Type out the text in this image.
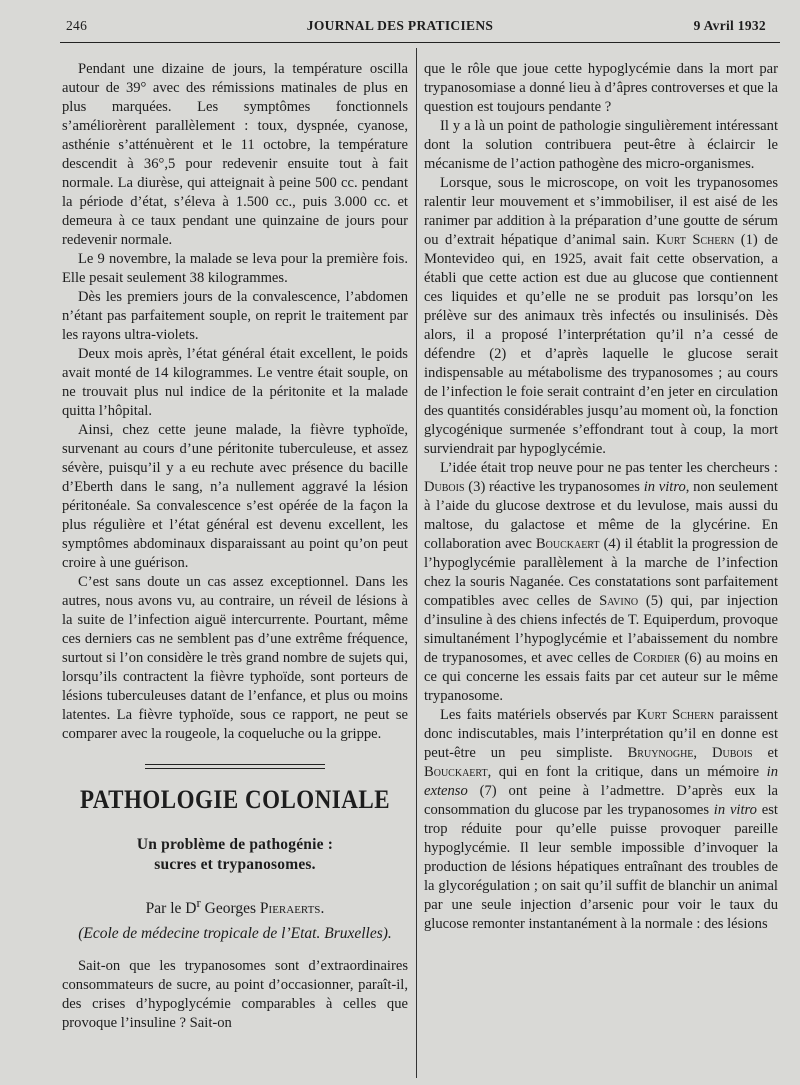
246	JOURNAL DES PRATICIENS	9 Avril 1932

Pendant une dizaine de jours, la température oscilla autour de 39° avec des rémissions matinales de plus en plus marquées. Les symptômes fonctionnels s’améliorèrent parallèlement : toux, dyspnée, cyanose, asthénie s’atténuèrent et le 11 octobre, la température descendit à 36°,5 pour redevenir ensuite tout à fait normale. La diurèse, qui atteignait à peine 500 cc. pendant la période d’état, s’éleva à 1.500 cc., puis 3.000 cc. et demeura à ce taux pendant une quinzaine de jours pour redevenir normale.

Le 9 novembre, la malade se leva pour la première fois. Elle pesait seulement 38 kilogrammes.

Dès les premiers jours de la convalescence, l’abdomen n’étant pas parfaitement souple, on reprit le traitement par les rayons ultra-violets.

Deux mois après, l’état général était excellent, le poids avait monté de 14 kilogrammes. Le ventre était souple, on ne trouvait plus nul indice de la péritonite et la malade quitta l’hôpital.

Ainsi, chez cette jeune malade, la fièvre typhoïde, survenant au cours d’une péritonite tuberculeuse, et assez sévère, puisqu’il y a eu rechute avec présence du bacille d’Eberth dans le sang, n’a nullement aggravé la lésion péritonéale. Sa convalescence s’est opérée de la façon la plus régulière et l’état général est devenu excellent, les symptômes abdominaux disparaissant au point qu’on peut croire à une guérison.

C’est sans doute un cas assez exceptionnel. Dans les autres, nous avons vu, au contraire, un réveil de lésions à la suite de l’infection aiguë intercurrente. Pourtant, même ces derniers cas ne semblent pas d’une extrême fréquence, surtout si l’on considère le très grand nombre de sujets qui, lorsqu’ils contractent la fièvre typhoïde, sont porteurs de lésions tuberculeuses datant de l’enfance, et plus ou moins latentes. La fièvre typhoïde, sous ce rapport, ne peut se comparer avec la rougeole, la coqueluche ou la grippe.

PATHOLOGIE COLONIALE
Un problème de pathogénie :
sucres et trypanosomes.
Par le $D^r$ Georges Pieraerts.
(Ecole de médecine tropicale de l’Etat. Bruxelles).

Sait-on que les trypanosomes sont d’extraordinaires consommateurs de sucre, au point d’occasionner, paraît-il, des crises d’hypoglycémie comparables à celles que provoque l’insuline ? Sait-on

que le rôle que joue cette hypoglycémie dans la mort par trypanosomiase a donné lieu à d’âpres controverses et que la question est toujours pendante ?

Il y a là un point de pathologie singulièrement intéressant dont la solution contribuera peut-être à éclaircir le mécanisme de l’action pathogène des micro-organismes.

Lorsque, sous le microscope, on voit les trypanosomes ralentir leur mouvement et s’immobiliser, il est aisé de les ranimer par addition à la préparation d’une goutte de sérum ou d’extrait hépatique d’animal sain. Kurt Schern (1) de Montevideo qui, en 1925, avait fait cette observation, a établi que cette action est due au glucose que contiennent ces liquides et qu’elle ne se produit pas lorsqu’on les prélève sur des animaux très infectés ou insulinisés. Dès alors, il a proposé l’interprétation qu’il n’a cessé de défendre (2) et d’après laquelle le glucose serait indispensable au métabolisme des trypanosomes ; au cours de l’infection le foie serait contraint d’en jeter en circulation des quantités considérables jusqu’au moment où, la fonction glycogénique surmenée s’effondrant tout à coup, la mort surviendrait par hypoglycémie.

L’idée était trop neuve pour ne pas tenter les chercheurs : Dubois (3) réactive les trypanosomes in vitro, non seulement à l’aide du glucose dextrose et du levulose, mais aussi du maltose, du galactose et même de la glycérine. En collaboration avec Bouckaert (4) il établit la progression de l’hypoglycémie parallèlement à la marche de l’infection chez la souris Naganée. Ces constatations sont parfaitement compatibles avec celles de Savino (5) qui, par injection d’insuline à des chiens infectés de T. Equiperdum, provoque simultanément l’hypoglycémie et l’abaissement du nombre de trypanosomes, et avec celles de Cordier (6) au moins en ce qui concerne les essais faits par cet auteur sur le même trypanosome.

Les faits matériels observés par Kurt Schern paraissent donc indiscutables, mais l’interprétation qu’il en donne est peut-être un peu simpliste. Bruynoghe, Dubois et Bouckaert, qui en font la critique, dans un mémoire in extenso (7) ont peine à l’admettre. D’après eux la consommation du glucose par les trypanosomes in vitro est trop réduite pour qu’elle puisse provoquer pareille hypoglycémie. Il leur semble impossible d’invoquer la production de lésions hépatiques entraînant des troubles de la glycorégulation ; on sait qu’il suffit de blanchir un animal par une seule injection d’arsenic pour voir le taux du glucose remonter instantanément à la normale : des lésions
